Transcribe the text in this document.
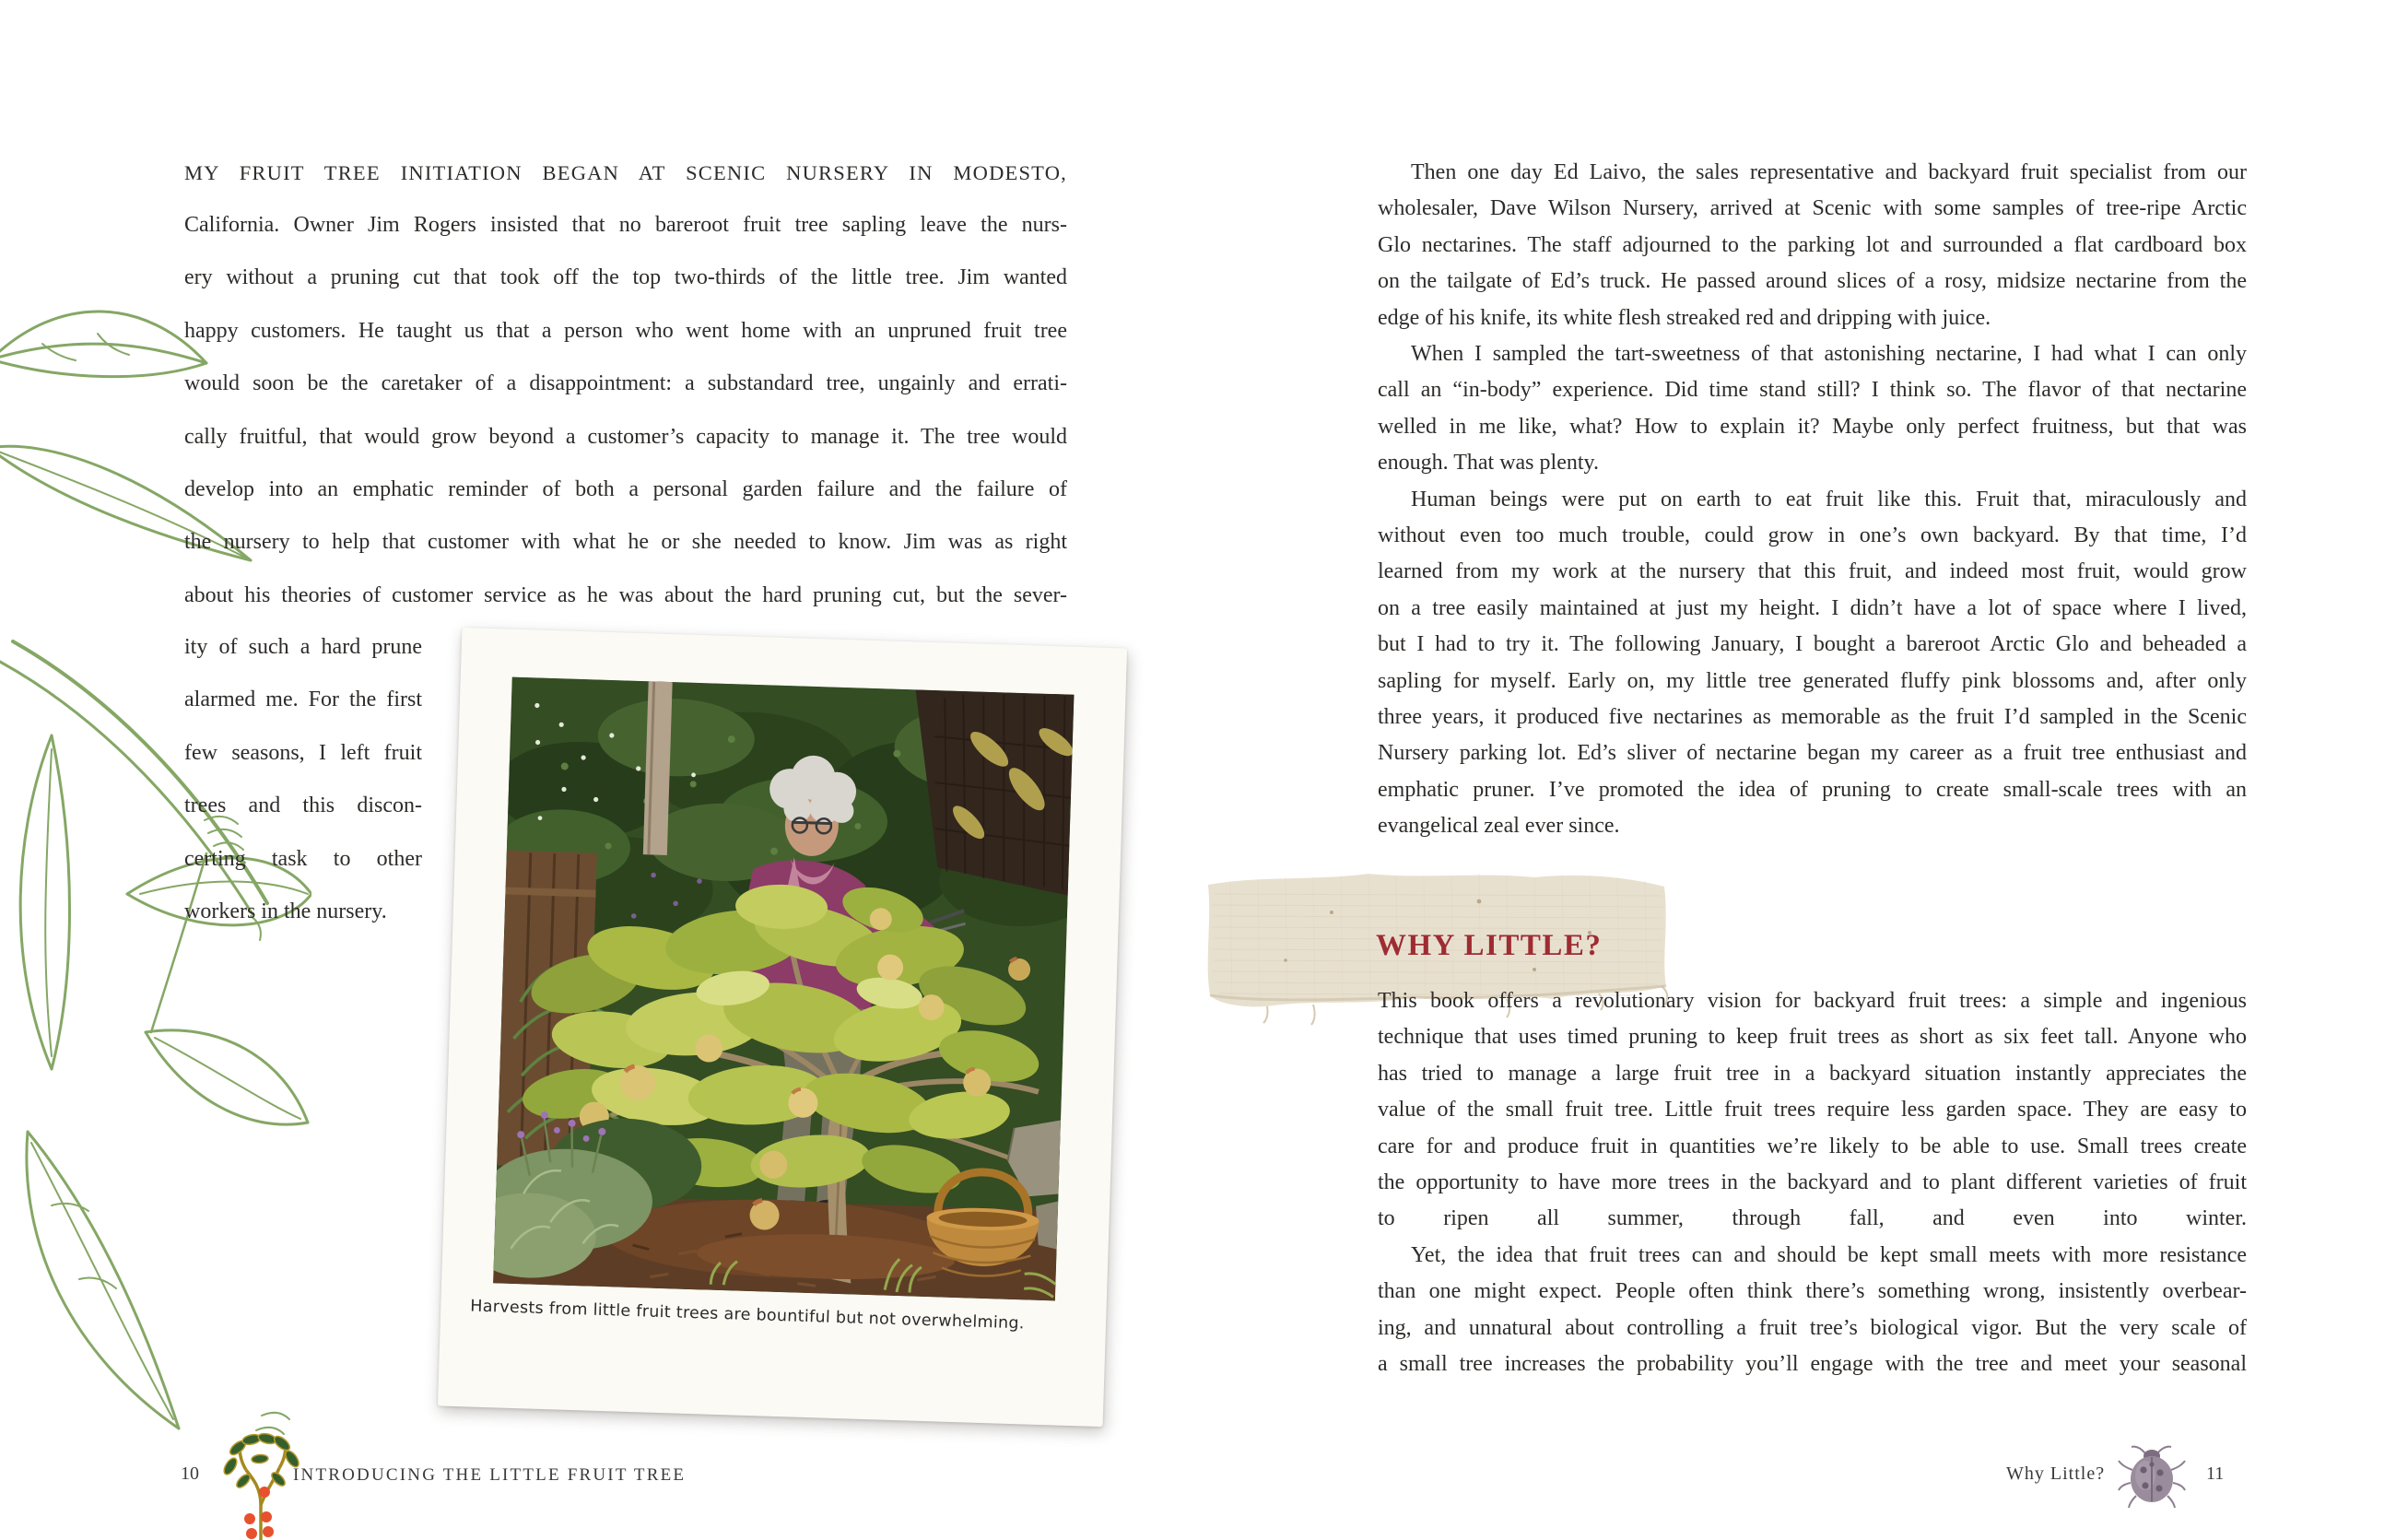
MY FRUIT TREE INITIATION BEGAN AT SCENIC NURSERY IN MODESTO,
California. Owner Jim Rogers insisted that no bareroot fruit tree sapling leave the nurs-
ery without a pruning cut that took off the top two-thirds of the little tree. Jim wanted
happy customers. He taught us that a person who went home with an unpruned fruit tree
would soon be the caretaker of a disappointment: a substandard tree, ungainly and errati-
cally fruitful, that would grow beyond a customer’s capacity to manage it. The tree would
develop into an emphatic reminder of both a personal garden failure and the failure of
the nursery to help that customer with what he or she needed to know. Jim was as right
about his theories of customer service as he was about the hard pruning cut, but the sever-
ity of such a hard prune
alarmed me. For the first
few seasons, I left fruit
trees and this discon-
certing task to other
workers in the nursery.
Harvests from little fruit trees are bountiful but not overwhelming.
Then one day Ed Laivo, the sales representative and backyard fruit specialist from our
wholesaler, Dave Wilson Nursery, arrived at Scenic with some samples of tree-ripe Arctic
Glo nectarines. The staff adjourned to the parking lot and surrounded a flat cardboard box
on the tailgate of Ed’s truck. He passed around slices of a rosy, midsize nectarine from the
edge of his knife, its white flesh streaked red and dripping with juice.
When I sampled the tart-sweetness of that astonishing nectarine, I had what I can only
call an “in-body” experience. Did time stand still? I think so. The flavor of that nectarine
welled in me like, what? How to explain it? Maybe only perfect fruitness, but that was
enough. That was plenty.
Human beings were put on earth to eat fruit like this. Fruit that, miraculously and
without even too much trouble, could grow in one’s own backyard. By that time, I’d
learned from my work at the nursery that this fruit, and indeed most fruit, would grow
on a tree easily maintained at just my height. I didn’t have a lot of space where I lived,
but I had to try it. The following January, I bought a bareroot Arctic Glo and beheaded a
sapling for myself. Early on, my little tree generated fluffy pink blossoms and, after only
three years, it produced five nectarines as memorable as the fruit I’d sampled in the Scenic
Nursery parking lot. Ed’s sliver of nectarine began my career as a fruit tree enthusiast and
emphatic pruner. I’ve promoted the idea of pruning to create small-scale trees with an
evangelical zeal ever since.
WHY LITTLE?
This book offers a revolutionary vision for backyard fruit trees: a simple and ingenious
technique that uses timed pruning to keep fruit trees as short as six feet tall. Anyone who
has tried to manage a large fruit tree in a backyard situation instantly appreciates the
value of the small fruit tree. Little fruit trees require less garden space. They are easy to
care for and produce fruit in quantities we’re likely to be able to use. Small trees create
the opportunity to have more trees in the backyard and to plant different varieties of fruit
to ripen all summer, through fall, and even into winter.
Yet, the idea that fruit trees can and should be kept small meets with more resistance
than one might expect. People often think there’s something wrong, insistently overbear-
ing, and unnatural about controlling a fruit tree’s biological vigor. But the very scale of
a small tree increases the probability you’ll engage with the tree and meet your seasonal
10	INTRODUCING THE LITTLE FRUIT TREE	Why Little?	11
